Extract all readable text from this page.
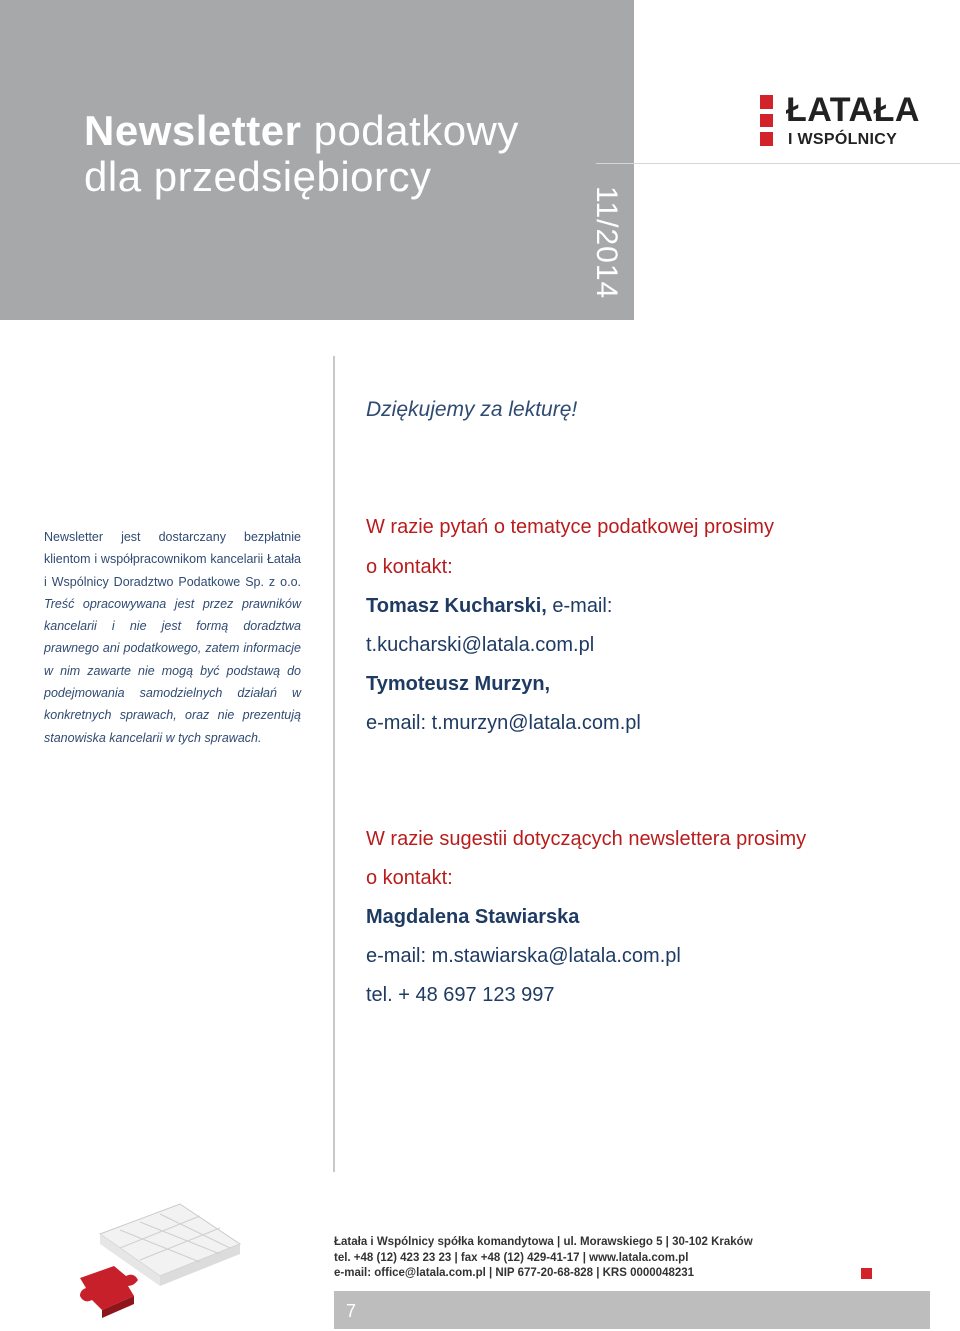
Newsletter podatkowy
dla przedsiębiorcy
11/2014
ŁATAŁA
I WSPÓLNICY
Dziękujemy za lekturę!
Newsletter jest dostarczany bezpłatnie klientom i współpracownikom kancelarii Łatała i Wspólnicy Doradztwo Podatkowe Sp. z o.o. Treść opracowywana jest przez prawników kancelarii i nie jest formą doradztwa prawnego ani podatkowego, zatem informacje w nim zawarte nie mogą być podstawą do podejmowania samodzielnych działań w konkretnych sprawach, oraz nie prezentują stanowiska kancelarii w tych sprawach.
W razie pytań o tematyce podatkowej prosimy
o kontakt:
Tomasz Kucharski, e-mail:
t.kucharski@latala.com.pl
Tymoteusz Murzyn,
e-mail: t.murzyn@latala.com.pl
W razie sugestii dotyczących newslettera prosimy
o kontakt:
Magdalena Stawiarska
e-mail: m.stawiarska@latala.com.pl
tel. + 48 697 123 997
Łatała i Wspólnicy spółka komandytowa | ul. Morawskiego 5 | 30-102 Kraków
tel. +48 (12) 423 23 23 | fax +48 (12) 429-41-17 | www.latala.com.pl
e-mail: office@latala.com.pl | NIP 677-20-68-828 | KRS 0000048231
7
